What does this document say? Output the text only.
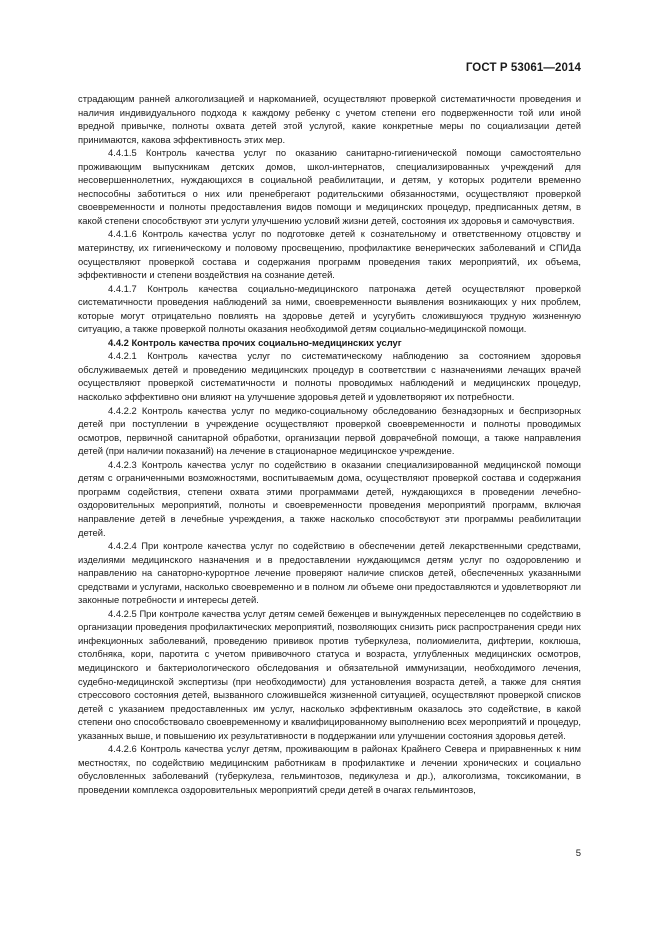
ГОСТ Р 53061—2014

страдающим ранней алкоголизацией и наркоманией, осуществляют проверкой систематичности проведения и наличия индивидуального подхода к каждому ребенку с учетом степени его подверженности той или иной вредной привычке, полноты охвата детей этой услугой, какие конкретные меры по социализации детей принимаются, какова эффективность этих мер.

4.4.1.5 Контроль качества услуг по оказанию санитарно-гигиенической помощи самостоятельно проживающим выпускникам детских домов, школ-интернатов, специализированных учреждений для несовершеннолетних, нуждающихся в социальной реабилитации, и детям, у которых родители временно неспособны заботиться о них или пренебрегают родительскими обязанностями, осуществляют проверкой своевременности и полноты предоставления видов помощи и медицинских процедур, предписанных детям, в какой степени способствуют эти услуги улучшению условий жизни детей, состояния их здоровья и самочувствия.

4.4.1.6 Контроль качества услуг по подготовке детей к сознательному и ответственному отцовству и материнству, их гигиеническому и половому просвещению, профилактике венерических заболеваний и СПИДа осуществляют проверкой состава и содержания программ проведения таких мероприятий, их объема, эффективности и степени воздействия на сознание детей.

4.4.1.7 Контроль качества социально-медицинского патронажа детей осуществляют проверкой систематичности проведения наблюдений за ними, своевременности выявления возникающих у них проблем, которые могут отрицательно повлиять на здоровье детей и усугубить сложившуюся трудную жизненную ситуацию, а также проверкой полноты оказания необходимой детям социально-медицинской помощи.

4.4.2 Контроль качества прочих социально-медицинских услуг

4.4.2.1 Контроль качества услуг по систематическому наблюдению за состоянием здоровья обслуживаемых детей и проведению медицинских процедур в соответствии с назначениями лечащих врачей осуществляют проверкой систематичности и полноты проводимых наблюдений и медицинских процедур, насколько эффективно они влияют на улучшение здоровья детей и удовлетворяют их потребности.

4.4.2.2 Контроль качества услуг по медико-социальному обследованию безнадзорных и беспризорных детей при поступлении в учреждение осуществляют проверкой своевременности и полноты проводимых осмотров, первичной санитарной обработки, организации первой доврачебной помощи, а также направления детей (при наличии показаний) на лечение в стационарное медицинское учреждение.

4.4.2.3 Контроль качества услуг по содействию в оказании специализированной медицинской помощи детям с ограниченными возможностями, воспитываемым дома, осуществляют проверкой состава и содержания программ содействия, степени охвата этими программами детей, нуждающихся в проведении лечебно-оздоровительных мероприятий, полноты и своевременности проведения мероприятий программ, включая направление детей в лечебные учреждения, а также насколько способствуют эти программы реабилитации детей.

4.4.2.4 При контроле качества услуг по содействию в обеспечении детей лекарственными средствами, изделиями медицинского назначения и в предоставлении нуждающимся детям услуг по оздоровлению и направлению на санаторно-курортное лечение проверяют наличие списков детей, обеспеченных указанными средствами и услугами, насколько своевременно и в полном ли объеме они предоставляются и удовлетворяют ли законные потребности и интересы детей.

4.4.2.5 При контроле качества услуг детям семей беженцев и вынужденных переселенцев по содействию в организации проведения профилактических мероприятий, позволяющих снизить риск распространения среди них инфекционных заболеваний, проведению прививок против туберкулеза, полиомиелита, дифтерии, коклюша, столбняка, кори, паротита с учетом прививочного статуса и возраста, углубленных медицинских осмотров, медицинского и бактериологического обследования и обязательной иммунизации, необходимого лечения, судебно-медицинской экспертизы (при необходимости) для установления возраста детей, а также для снятия стрессового состояния детей, вызванного сложившейся жизненной ситуацией, осуществляют проверкой списков детей с указанием предоставленных им услуг, насколько эффективным оказалось это содействие, в какой степени оно способствовало своевременному и квалифицированному выполнению всех мероприятий и процедур, указанных выше, и повышению их результативности в поддержании или улучшении состояния здоровья детей.

4.4.2.6 Контроль качества услуг детям, проживающим в районах Крайнего Севера и приравненных к ним местностях, по содействию медицинским работникам в профилактике и лечении хронических и социально обусловленных заболеваний (туберкулеза, гельминтозов, педикулеза и др.), алкоголизма, токсикомании, в проведении комплекса оздоровительных мероприятий среди детей в очагах гельминтозов,

5
